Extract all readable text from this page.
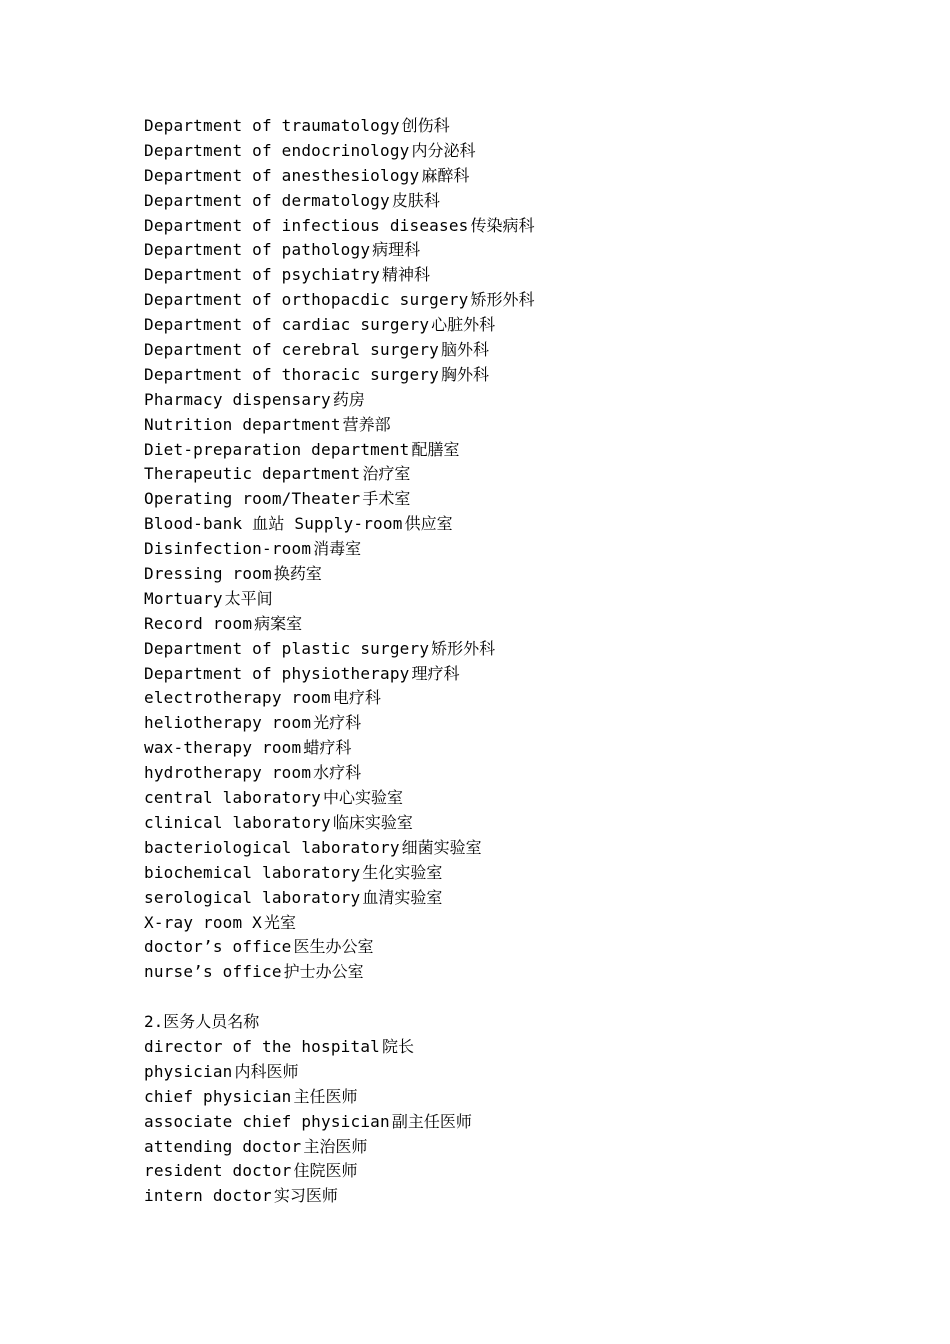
Department of traumatology 创伤科
Department of endocrinology 内分泌科
Department of anesthesiology 麻醉科
Department of dermatology 皮肤科
Department of infectious diseases 传染病科
Department of pathology 病理科
Department of psychiatry 精神科
Department of orthopacdic surgery 矫形外科
Department of cardiac surgery 心脏外科
Department of cerebral surgery 脑外科
Department of thoracic surgery 胸外科
Pharmacy dispensary 药房
Nutrition department 营养部
Diet-preparation department 配膳室
Therapeutic department 治疗室
Operating room/Theater 手术室
Blood-bank 血站 Supply-room 供应室
Disinfection-room 消毒室
Dressing room 换药室
Mortuary 太平间
Record room 病案室
Department of plastic surgery 矫形外科
Department of physiotherapy 理疗科
electrotherapy room 电疗科
heliotherapy room 光疗科
wax-therapy room 蜡疗科
hydrotherapy room 水疗科
central laboratory 中心实验室
clinical laboratory 临床实验室
bacteriological laboratory 细菌实验室
biochemical laboratory 生化实验室
serological laboratory 血清实验室
X-ray room X 光室
doctor’s office 医生办公室
nurse’s office 护士办公室
2.医务人员名称
director of the hospital 院长
physician 内科医师
chief physician 主任医师
associate chief physician 副主任医师
attending doctor 主治医师
resident doctor 住院医师
intern doctor 实习医师
